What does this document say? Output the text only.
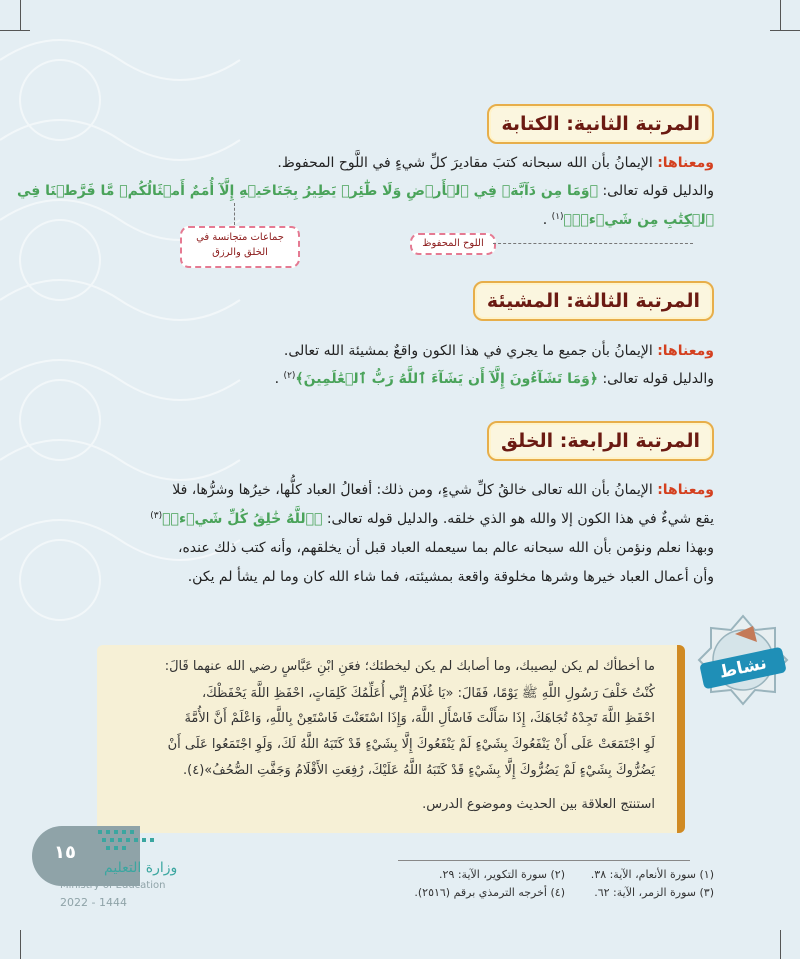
المرتبة الثانية: الكتابة
ومعناها: الإيمانُ بأن الله سبحانه كتبَ مقاديرَ كلِّ شيءٍ في اللَّوح المحفوظ.
والدليل قوله تعالى: ﴿وَمَا مِن دَآبَّةٖ فِي ٱلۡأَرۡضِ وَلَا طَٰٓئِرٖ يَطِيرُ بِجَنَاحَيۡهِ إِلَّآ أُمَمٌ أَمۡثَالُكُمۚ مَّا فَرَّطۡنَا فِي
ٱلۡكِتَٰبِ مِن شَيۡءٖۚ﴾$^{(١)}$ .
جماعات متجانسة في الخلق والرزق
اللوح المحفوظ
المرتبة الثالثة: المشيئة
ومعناها: الإيمانُ بأن جميع ما يجري في هذا الكون واقعٌ بمشيئة الله تعالى.
والدليل قوله تعالى: ﴿وَمَا تَشَآءُونَ إِلَّآ أَن يَشَآءَ ٱللَّهُ رَبُّ ٱلۡعَٰلَمِينَ﴾$^{(٢)}$ .
المرتبة الرابعة: الخلق
ومعناها: الإيمانُ بأن الله تعالى خالقُ كلِّ شيءٍ، ومن ذلك: أفعالُ العباد كلُّها، خيرُها وشرُّها، فلا
يقع شيءٌ في هذا الكون إلا والله هو الذي خلقه. والدليل قوله تعالى: ﴿ٱللَّهُ خَٰلِقُ كُلِّ شَيۡءٖ﴾$^{(٣)}$
وبهذا نعلم ونؤمن بأن الله سبحانه عالم بما سيعمله العباد قبل أن يخلقهم، وأنه كتب ذلك عنده،
وأن أعمال العباد خيرها وشرها مخلوقة واقعة بمشيئته، فما شاء الله كان وما لم يشأ لم يكن.
ما أخطأك لم يكن ليصيبك، وما أصابك لم يكن ليخطئك؛ فعَنِ ابْنِ عَبَّاسٍ رضي الله عنهما قَالَ:
كُنْتُ خَلْفَ رَسُولِ اللَّهِ ﷺ يَوْمًا، فَقَالَ: «يَا غُلَامُ إِنِّي أُعَلِّمُكَ كَلِمَاتٍ، احْفَظِ اللَّهَ يَحْفَظْكَ،
احْفَظِ اللَّهَ تَجِدْهُ تُجَاهَكَ، إِذَا سَأَلْتَ فَاسْأَلِ اللَّهَ، وَإِذَا اسْتَعَنْتَ فَاسْتَعِنْ بِاللَّهِ، وَاعْلَمْ أَنَّ الأُمَّةَ
لَوِ اجْتَمَعَتْ عَلَى أَنْ يَنْفَعُوكَ بِشَيْءٍ لَمْ يَنْفَعُوكَ إِلَّا بِشَيْءٍ قَدْ كَتَبَهُ اللَّهُ لَكَ، وَلَوِ اجْتَمَعُوا عَلَى أَنْ
يَضُرُّوكَ بِشَيْءٍ لَمْ يَضُرُّوكَ إِلَّا بِشَيْءٍ قَدْ كَتَبَهُ اللَّهُ عَلَيْكَ، رُفِعَتِ الأَقْلَامُ وَجَفَّتِ الصُّحُفُ»(٤).
استنتج العلاقة بين الحديث وموضوع الدرس.
نشاط
(١) سورة الأنعام، الآية: ٣٨.
(٢) سورة التكوير، الآية: ٢٩.
(٣) سورة الزمر، الآية: ٦٢.
(٤) أخرجه الترمذي برقم (٢٥١٦).
١٥
وزارة التعليم
Ministry of Education
2022 - 1444
